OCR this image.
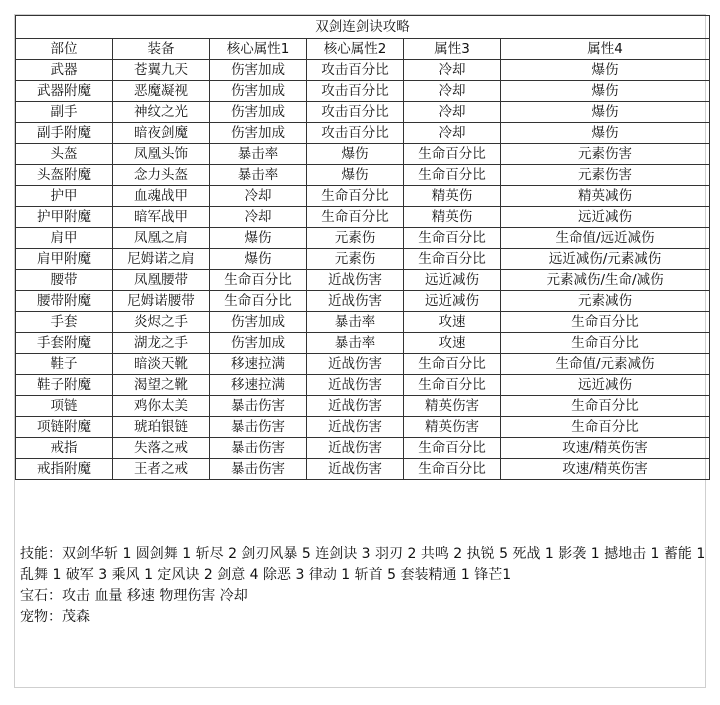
双剑连剑诀攻略					
部位	装备	核心属性1	核心属性2	属性3	属性4
武器	苍翼九天	伤害加成	攻击百分比	冷却	爆伤
武器附魔	恶魔凝视	伤害加成	攻击百分比	冷却	爆伤
副手	神纹之光	伤害加成	攻击百分比	冷却	爆伤
副手附魔	暗夜剑魔	伤害加成	攻击百分比	冷却	爆伤
头盔	凤凰头饰	暴击率	爆伤	生命百分比	元素伤害
头盔附魔	念力头盔	暴击率	爆伤	生命百分比	元素伤害
护甲	血魂战甲	冷却	生命百分比	精英伤	精英减伤
护甲附魔	暗军战甲	冷却	生命百分比	精英伤	远近减伤
肩甲	凤凰之肩	爆伤	元素伤	生命百分比	生命值/远近减伤
肩甲附魔	尼姆诺之肩	爆伤	元素伤	生命百分比	远近减伤/元素减伤
腰带	凤凰腰带	生命百分比	近战伤害	远近减伤	元素减伤/生命/减伤
腰带附魔	尼姆诺腰带	生命百分比	近战伤害	远近减伤	元素减伤
手套	炎烬之手	伤害加成	暴击率	攻速	生命百分比
手套附魔	湖龙之手	伤害加成	暴击率	攻速	生命百分比
鞋子	暗淡天靴	移速拉满	近战伤害	生命百分比	生命值/元素减伤
鞋子附魔	渴望之靴	移速拉满	近战伤害	生命百分比	远近减伤
项链	鸡你太美	暴击伤害	近战伤害	精英伤害	生命百分比
项链附魔	琥珀银链	暴击伤害	近战伤害	精英伤害	生命百分比
戒指	失落之戒	暴击伤害	近战伤害	生命百分比	攻速/精英伤害
戒指附魔	王者之戒	暴击伤害	近战伤害	生命百分比	攻速/精英伤害

技能：双剑华斩 1 圆剑舞 1 斩尽 2 剑刃风暴 5 连剑诀 3 羽刃 2 共鸣 2 执锐 5 死战 1 影袭 1 撼地击 1 蓄能 1 乱舞 1 破军 3 乘风 1 定风诀 2 剑意 4 除恶 3 律动 1 斩首 5 套装精通 1 锋芒1

宝石：攻击 血量 移速 物理伤害 冷却

宠物：茂森
